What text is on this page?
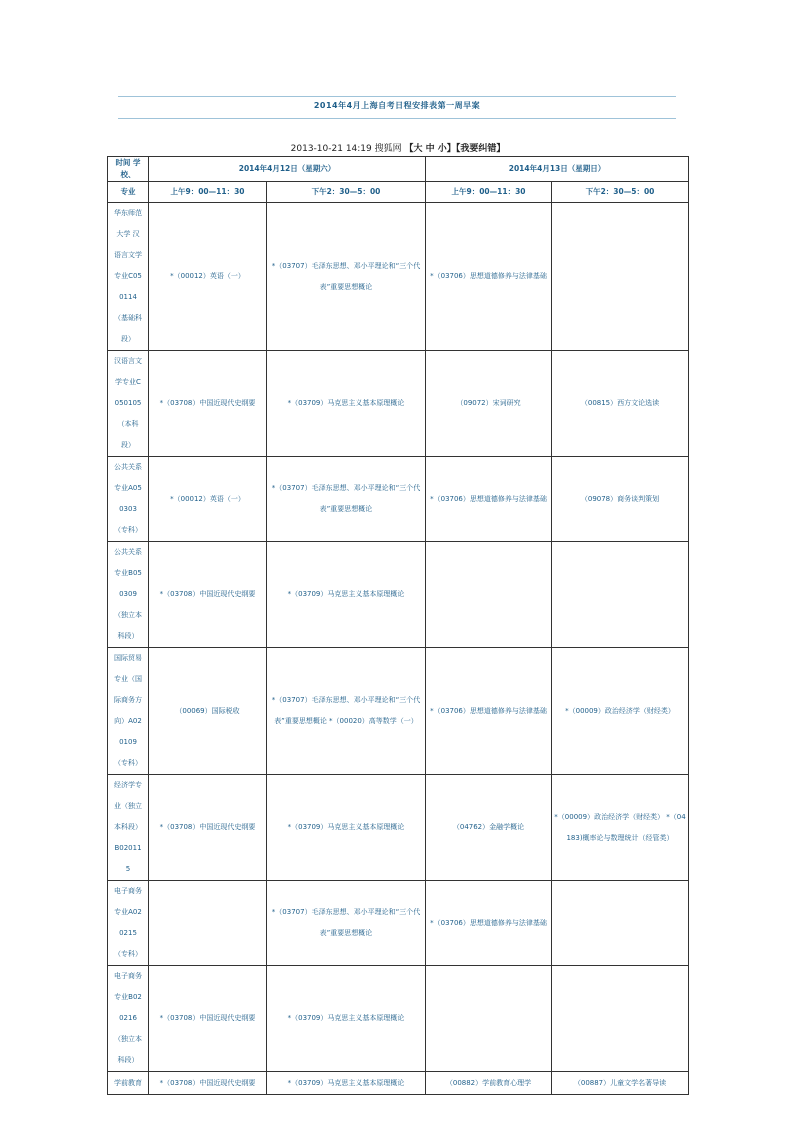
2014年4月上海自考日程安排表第一周早案
2013-10-21 14:19 搜狐网 【大 中 小】【我要纠错】
时间 学校、	2014年4月12日（星期六）		2014年4月13日（星期日）	
专业	上午9：00—11：30	下午2：30—5：00	上午9：00—11：30	下午2：30—5：00
华东师范大学 汉语言文学专业C050114（基础科段）	*（00012）英语（一）	*（03707）毛泽东思想、邓小平理论和“三个代表”重要思想概论	*（03706）思想道德修养与法律基础	
汉语言文学专业C050105（本科段）	*（03708）中国近现代史纲要	*（03709）马克思主义基本原理概论	（09072）宋词研究	（00815）西方文论选读
公共关系专业A050303（专科）	*（00012）英语（一）	*（03707）毛泽东思想、邓小平理论和“三个代表”重要思想概论	*（03706）思想道德修养与法律基础	（09078）商务谈判策划
公共关系专业B050309（独立本科段）	*（03708）中国近现代史纲要	*（03709）马克思主义基本原理概论		
国际贸易专业（国际商务方向）A020109（专科）	（00069）国际税收	*（03707）毛泽东思想、邓小平理论和“三个代表”重要思想概论 *（00020）高等数学（一）	*（03706）思想道德修养与法律基础	*（00009）政治经济学（财经类）
经济学专业（独立本科段）B020115	*（03708）中国近现代史纲要	*（03709）马克思主义基本原理概论	（04762）金融学概论	*（00009）政治经济学（财经类） *（04183)概率论与数理统计（经管类）
电子商务专业A020215（专科）		*（03707）毛泽东思想、邓小平理论和“三个代表”重要思想概论	*（03706）思想道德修养与法律基础	
电子商务专业B020216（独立本科段）	*（03708）中国近现代史纲要	*（03709）马克思主义基本原理概论		
学前教育	*（03708）中国近现代史纲要	*（03709）马克思主义基本原理概论	（00882）学前教育心理学	（00887）儿童文学名著导读
